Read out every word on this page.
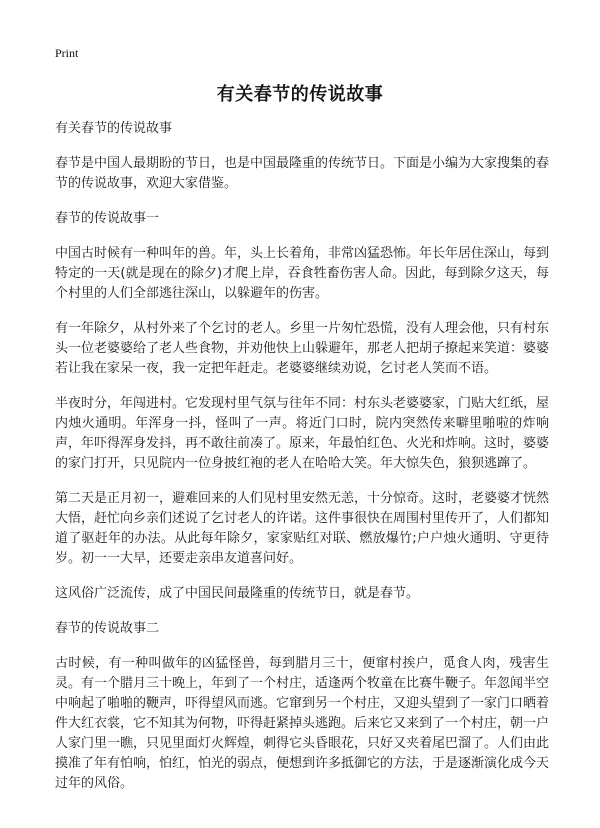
Print
有关春节的传说故事
有关春节的传说故事

春节是中国人最期盼的节日，也是中国最隆重的传统节日。下面是小编为大家搜集的春节的传说故事，欢迎大家借鉴。

春节的传说故事一

中国古时候有一种叫年的兽。年，头上长着角，非常凶猛恐怖。年长年居住深山，每到特定的一天(就是现在的除夕)才爬上岸，吞食牲畜伤害人命。因此，每到除夕这天，每个村里的人们全部逃往深山，以躲避年的伤害。

有一年除夕，从村外来了个乞讨的老人。乡里一片匆忙恐慌，没有人理会他，只有村东头一位老婆婆给了老人些食物，并劝他快上山躲避年，那老人把胡子撩起来笑道：婆婆若让我在家呆一夜，我一定把年赶走。老婆婆继续劝说，乞讨老人笑而不语。

半夜时分，年闯进村。它发现村里气氛与往年不同：村东头老婆婆家，门贴大红纸，屋内烛火通明。年浑身一抖，怪叫了一声。将近门口时，院内突然传来噼里啪啦的炸响声，年吓得浑身发抖，再不敢往前凑了。原来，年最怕红色、火光和炸响。这时，婆婆的家门打开，只见院内一位身披红袍的老人在哈哈大笑。年大惊失色，狼狈逃蹿了。

第二天是正月初一，避难回来的人们见村里安然无恙，十分惊奇。这时，老婆婆才恍然大悟，赶忙向乡亲们述说了乞讨老人的许诺。这件事很快在周围村里传开了，人们都知道了驱赶年的办法。从此每年除夕，家家贴红对联、燃放爆竹;户户烛火通明、守更待岁。初一一大早，还要走亲串友道喜问好。

这风俗广泛流传，成了中国民间最隆重的传统节日，就是春节。

春节的传说故事二

古时候，有一种叫做年的凶猛怪兽，每到腊月三十，便窜村挨户，觅食人肉，残害生灵。有一个腊月三十晚上，年到了一个村庄，适逢两个牧童在比赛牛鞭子。年忽闻半空中响起了啪啪的鞭声，吓得望风而逃。它窜到另一个村庄，又迎头望到了一家门口晒着件大红衣裳，它不知其为何物，吓得赶紧掉头逃跑。后来它又来到了一个村庄，朝一户人家门里一瞧，只见里面灯火辉煌，刺得它头昏眼花，只好又夹着尾巴溜了。人们由此摸准了年有怕响，怕红，怕光的弱点，便想到许多抵御它的方法，于是逐渐演化成今天过年的风俗。
